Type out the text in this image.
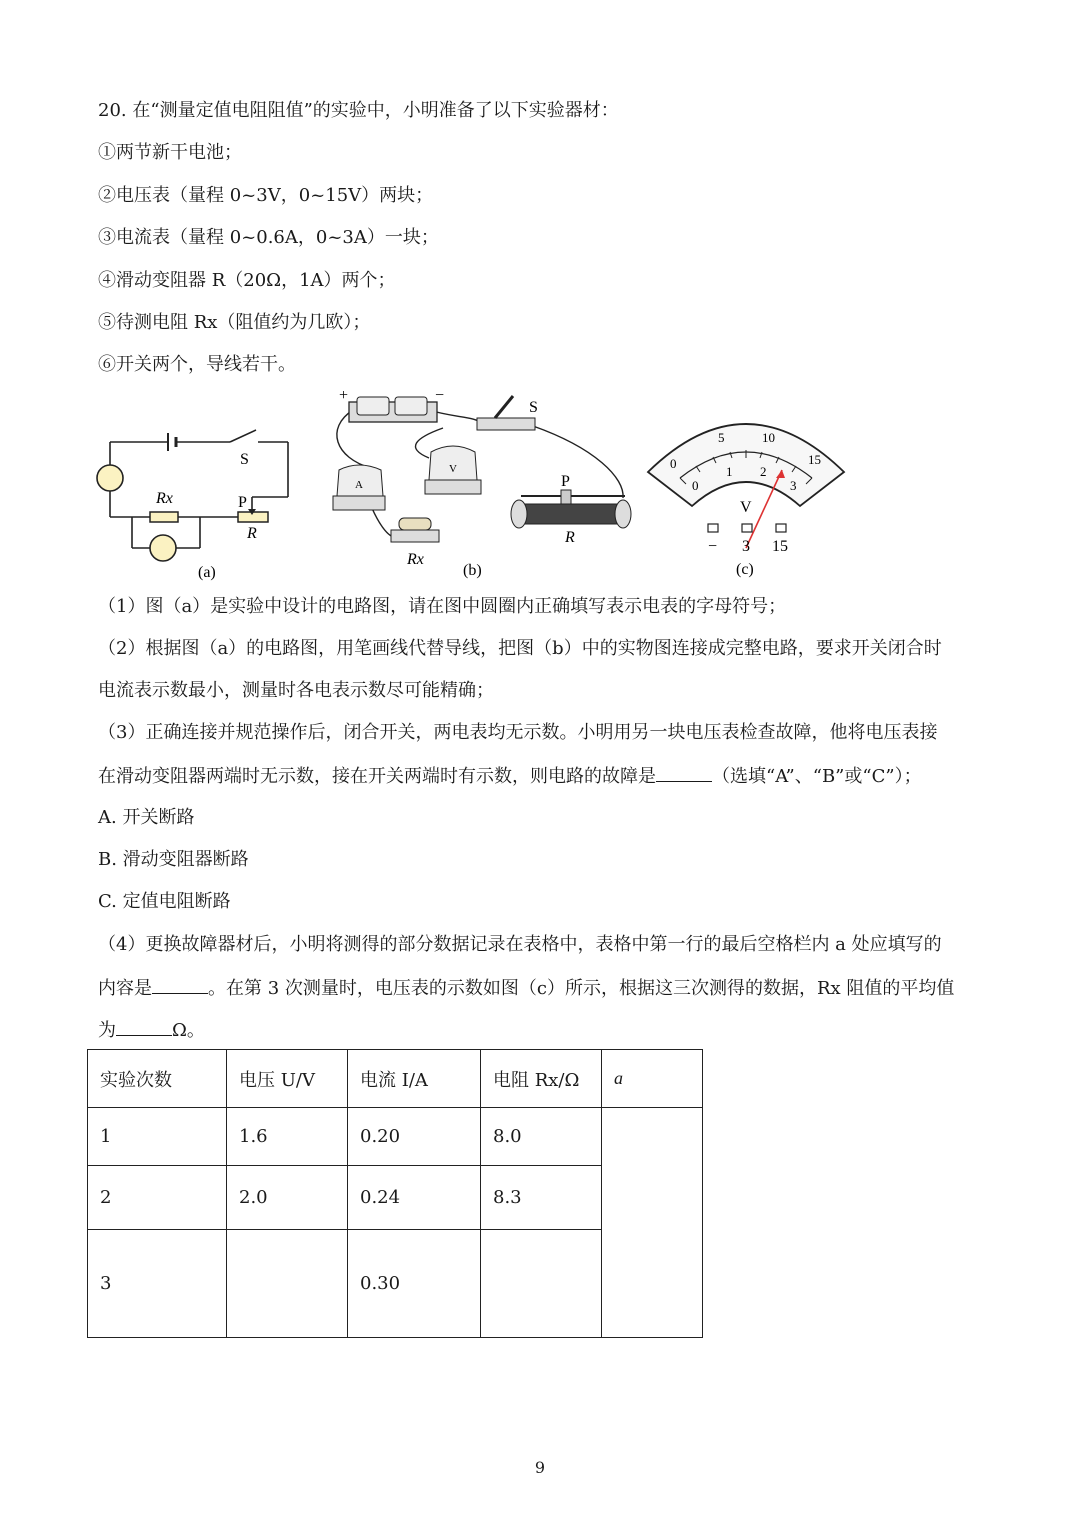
20. 在“测量定值电阻阻值”的实验中，小明准备了以下实验器材：
①两节新干电池；
②电压表（量程 0~3V，0~15V）两块；
③电流表（量程 0~0.6A，0~3A）一块；
④滑动变阻器 R（20Ω，1A）两个；
⑤待测电阻 Rx（阻值约为几欧）；
⑥开关两个，导线若干。
S
P
R
Rx
(a)
+	−
S
A
V
Rx
P
R
(b)
0
5	10
15
0
1 2
3
V
− 3 15
(c)
（1）图（a）是实验中设计的电路图，请在图中圆圈内正确填写表示电表的字母符号；
（2）根据图（a）的电路图，用笔画线代替导线，把图（b）中的实物图连接成完整电路，要求开关闭合时
电流表示数最小，测量时各电表示数尽可能精确；
（3）正确连接并规范操作后，闭合开关，两电表均无示数。小明用另一块电压表检查故障，他将电压表接
在滑动变阻器两端时无示数，接在开关两端时有示数，则电路的故障是	（选填“A”、“B”或“C”）；
A. 开关断路
B. 滑动变阻器断路
C. 定值电阻断路
（4）更换故障器材后，小明将测得的部分数据记录在表格中，表格中第一行的最后空格栏内 a 处应填写的
内容是	。在第 3 次测量时，电压表的示数如图（c）所示，根据这三次测得的数据，Rx 阻值的平均值
为	Ω。
实验次数	电压 U/V	电流 I/A	电阻 Rx/Ω	a
1	1.6	0.20	8.0	
2	2.0	0.24	8.3	
3		0.30		
9
